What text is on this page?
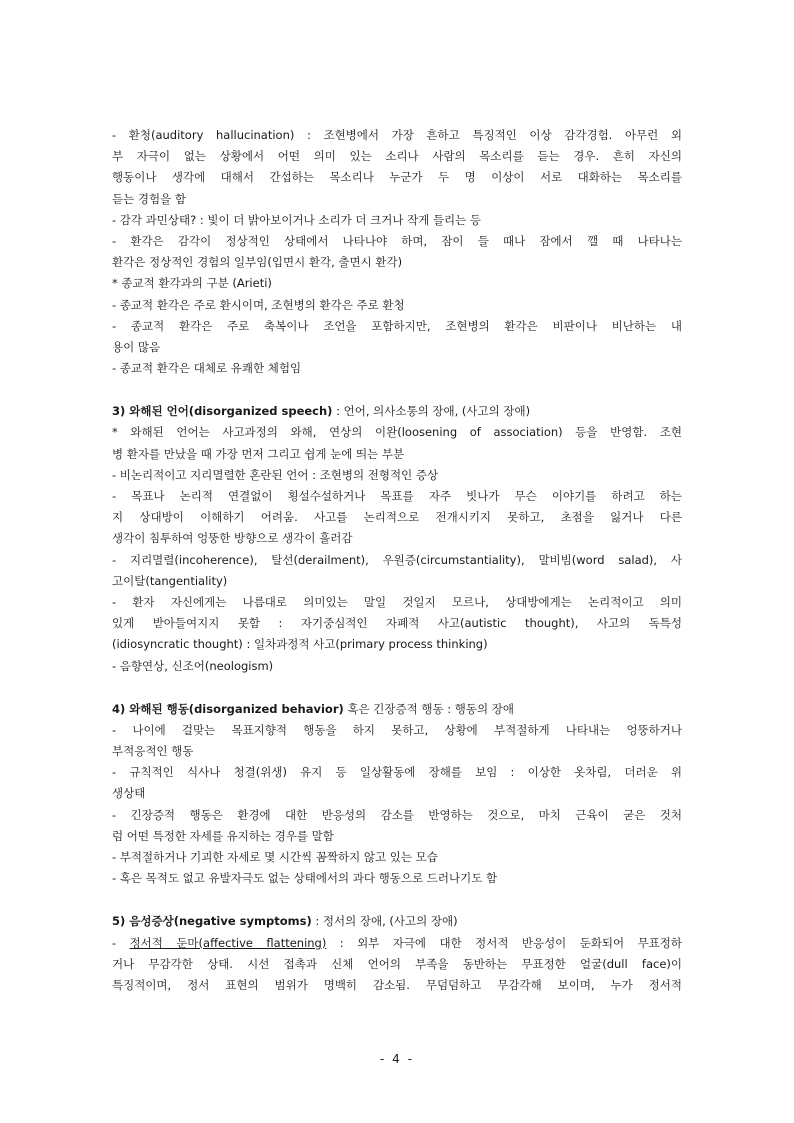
- 환청(auditory hallucination) : 조현병에서 가장 흔하고 특징적인 이상 감각경험. 아무런 외
부 자극이 없는 상황에서 어떤 의미 있는 소리나 사람의 목소리를 듣는 경우. 흔히 자신의
행동이나 생각에 대해서 간섭하는 목소리나 누군가 두 명 이상이 서로 대화하는 목소리를
듣는 경험을 함
- 감각 과민상태? : 빛이 더 밝아보이거나 소리가 더 크거나 작게 들리는 등
- 환각은 감각이 정상적인 상태에서 나타나야 하며, 잠이 들 때나 잠에서 깰 때 나타나는
환각은 정상적인 경험의 일부임(입면시 환각, 출면시 환각)
* 종교적 환각과의 구분 (Arieti)
- 종교적 환각은 주로 환시이며, 조현병의 환각은 주로 환청
- 종교적 환각은 주로 축복이나 조언을 포함하지만, 조현병의 환각은 비판이나 비난하는 내
용이 많음
- 종교적 환각은 대체로 유쾌한 체험임
3) 와해된 언어(disorganized speech) : 언어, 의사소통의 장애, (사고의 장애)
* 와해된 언어는 사고과정의 와해, 연상의 이완(loosening of association) 등을 반영함. 조현
병 환자를 만났을 때 가장 먼저 그리고 쉽게 눈에 띄는 부분
- 비논리적이고 지리멸렬한 혼란된 언어 : 조현병의 전형적인 증상
- 목표나 논리적 연결없이 횡설수설하거나 목표를 자주 빗나가 무슨 이야기를 하려고 하는
지 상대방이 이해하기 어려움. 사고를 논리적으로 전개시키지 못하고, 초점을 잃거나 다른
생각이 침투하여 엉뚱한 방향으로 생각이 흘러감
- 지리멸렬(incoherence), 탈선(derailment), 우원증(circumstantiality), 말비빔(word salad), 사
고이탈(tangentiality)
- 환자 자신에게는 나름대로 의미있는 말일 것일지 모르나, 상대방에게는 논리적이고 의미
있게 받아들여지지 못함 : 자기중심적인 자폐적 사고(autistic thought), 사고의 독특성
(idiosyncratic thought) : 일차과정적 사고(primary process thinking)
- 음향연상, 신조어(neologism)
4) 와해된 행동(disorganized behavior) 혹은 긴장증적 행동 : 행동의 장애
- 나이에 걸맞는 목표지향적 행동을 하지 못하고, 상황에 부적절하게 나타내는 엉뚱하거나
부적응적인 행동
- 규칙적인 식사나 청결(위생) 유지 등 일상활동에 장해를 보임 : 이상한 옷차림, 더러운 위
생상태
- 긴장증적 행동은 환경에 대한 반응성의 감소를 반영하는 것으로, 마치 근육이 굳은 것처
럼 어떤 특정한 자세를 유지하는 경우를 말함
- 부적절하거나 기괴한 자세로 몇 시간씩 꼼짝하지 않고 있는 모습
- 혹은 목적도 없고 유발자극도 없는 상태에서의 과다 행동으로 드러나기도 함
5) 음성증상(negative symptoms) : 정서의 장애, (사고의 장애)
- 정서적 둔마(affective flattening) : 외부 자극에 대한 정서적 반응성이 둔화되어 무표정하
거나 무감각한 상태. 시선 접촉과 신체 언어의 부족을 동반하는 무표정한 얼굴(dull face)이
특징적이며, 정서 표현의 범위가 명백히 감소됨. 무덤덤하고 무감각해 보이며, 누가 정서적
- 4 -
